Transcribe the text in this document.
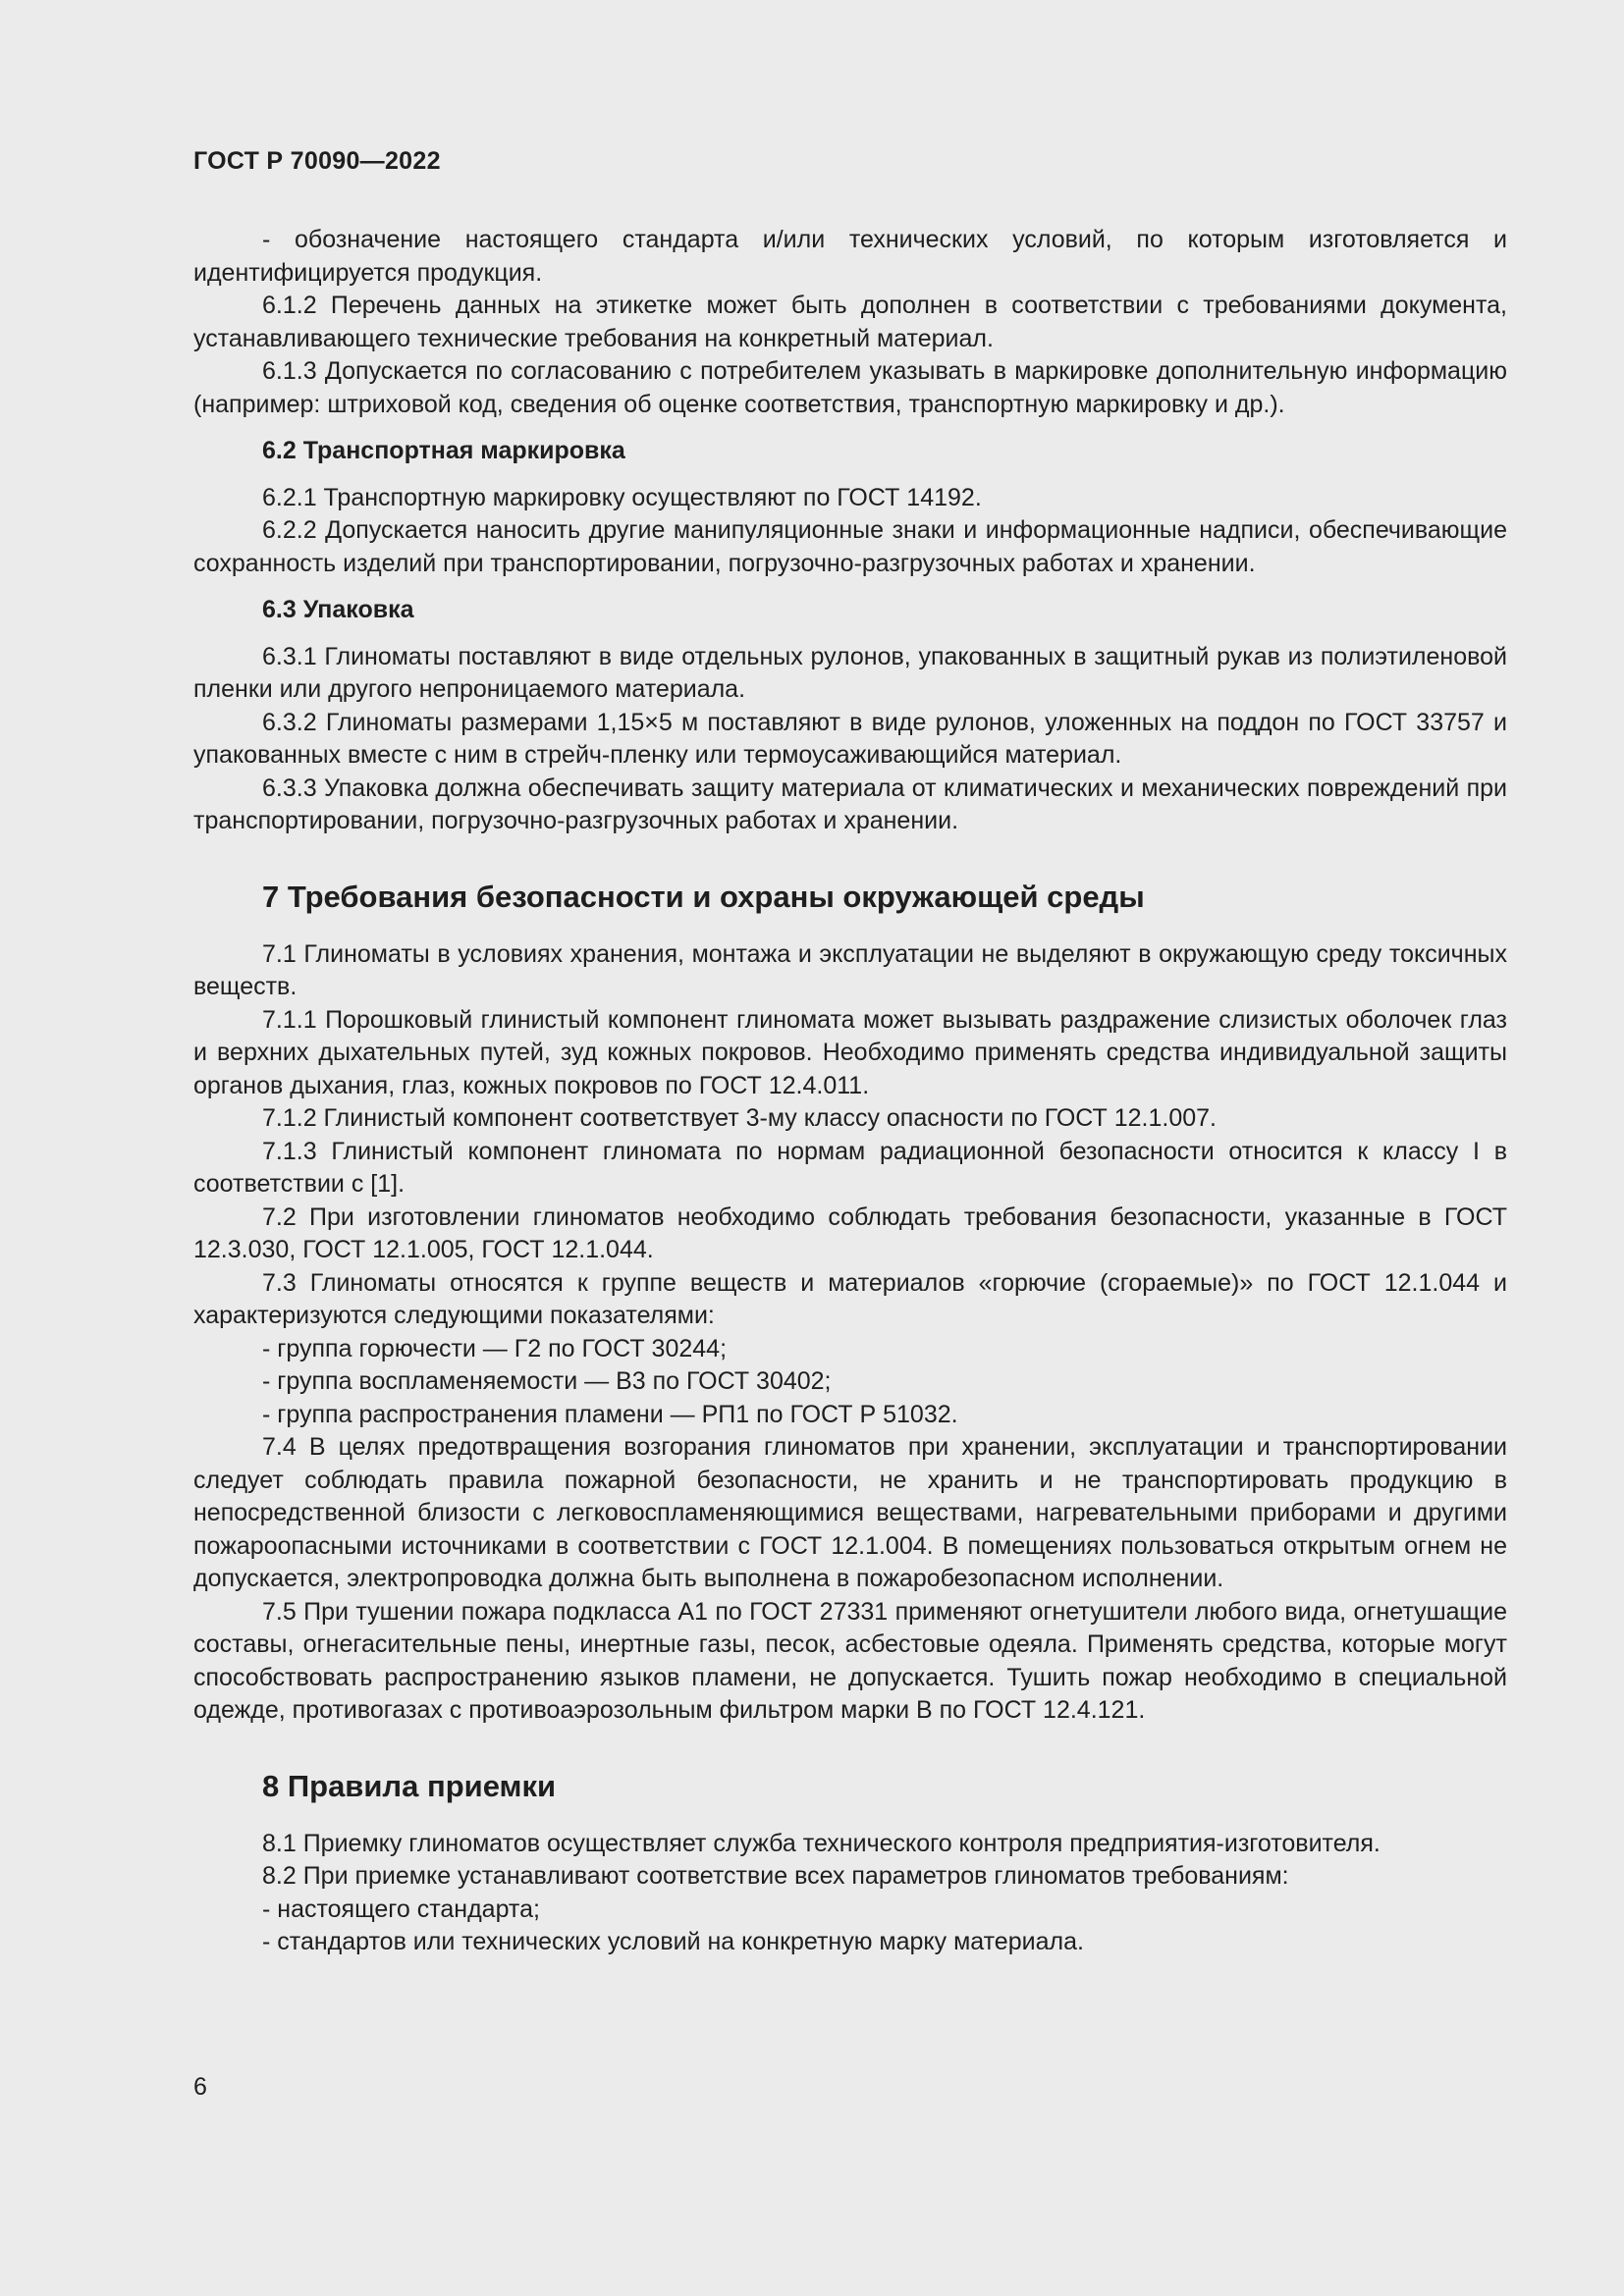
ГОСТ Р 70090—2022

- обозначение настоящего стандарта и/или технических условий, по которым изготовляется и идентифицируется продукция.

6.1.2 Перечень данных на этикетке может быть дополнен в соответствии с требованиями документа, устанавливающего технические требования на конкретный материал.

6.1.3 Допускается по согласованию с потребителем указывать в маркировке дополнительную информацию (например: штриховой код, сведения об оценке соответствия, транспортную маркировку и др.).

6.2 Транспортная маркировка

6.2.1 Транспортную маркировку осуществляют по ГОСТ 14192.

6.2.2 Допускается наносить другие манипуляционные знаки и информационные надписи, обеспечивающие сохранность изделий при транспортировании, погрузочно-разгрузочных работах и хранении.

6.3 Упаковка

6.3.1 Глиноматы поставляют в виде отдельных рулонов, упакованных в защитный рукав из полиэтиленовой пленки или другого непроницаемого материала.

6.3.2 Глиноматы размерами 1,15×5 м поставляют в виде рулонов, уложенных на поддон по ГОСТ 33757 и упакованных вместе с ним в стрейч-пленку или термоусаживающийся материал.

6.3.3 Упаковка должна обеспечивать защиту материала от климатических и механических повреждений при транспортировании, погрузочно-разгрузочных работах и хранении.

7 Требования безопасности и охраны окружающей среды

7.1 Глиноматы в условиях хранения, монтажа и эксплуатации не выделяют в окружающую среду токсичных веществ.

7.1.1 Порошковый глинистый компонент глиномата может вызывать раздражение слизистых оболочек глаз и верхних дыхательных путей, зуд кожных покровов. Необходимо применять средства индивидуальной защиты органов дыхания, глаз, кожных покровов по ГОСТ 12.4.011.

7.1.2 Глинистый компонент соответствует 3-му классу опасности по ГОСТ 12.1.007.

7.1.3 Глинистый компонент глиномата по нормам радиационной безопасности относится к классу I в соответствии с [1].

7.2 При изготовлении глиноматов необходимо соблюдать требования безопасности, указанные в ГОСТ 12.3.030, ГОСТ 12.1.005, ГОСТ 12.1.044.

7.3 Глиноматы относятся к группе веществ и материалов «горючие (сгораемые)» по ГОСТ 12.1.044 и характеризуются следующими показателями:

- группа горючести — Г2 по ГОСТ 30244;

- группа воспламеняемости — В3 по ГОСТ 30402;

- группа распространения пламени — РП1 по ГОСТ Р 51032.

7.4 В целях предотвращения возгорания глиноматов при хранении, эксплуатации и транспортировании следует соблюдать правила пожарной безопасности, не хранить и не транспортировать продукцию в непосредственной близости с легковоспламеняющимися веществами, нагревательными приборами и другими пожароопасными источниками в соответствии с ГОСТ 12.1.004. В помещениях пользоваться открытым огнем не допускается, электропроводка должна быть выполнена в пожаробезопасном исполнении.

7.5 При тушении пожара подкласса А1 по ГОСТ 27331 применяют огнетушители любого вида, огнетушащие составы, огнегасительные пены, инертные газы, песок, асбестовые одеяла. Применять средства, которые могут способствовать распространению языков пламени, не допускается. Тушить пожар необходимо в специальной одежде, противогазах с противоаэрозольным фильтром марки В по ГОСТ 12.4.121.

8 Правила приемки

8.1 Приемку глиноматов осуществляет служба технического контроля предприятия-изготовителя.

8.2 При приемке устанавливают соответствие всех параметров глиноматов требованиям:

- настоящего стандарта;

- стандартов или технических условий на конкретную марку материала.

6
